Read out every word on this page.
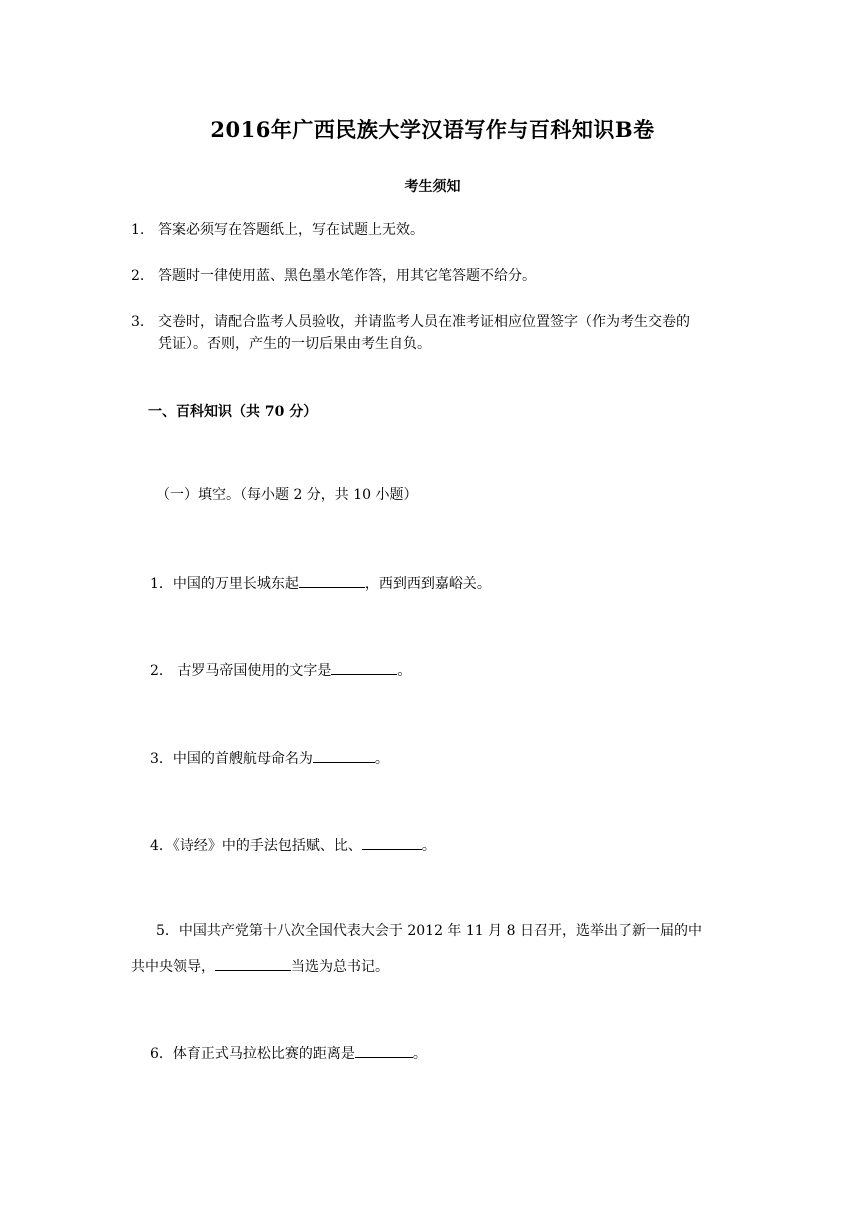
2016年广西民族大学汉语写作与百科知识B卷
考生须知
1. 答案必须写在答题纸上，写在试题上无效。
2. 答题时一律使用蓝、黑色墨水笔作答，用其它笔答题不给分。
3. 交卷时，请配合监考人员验收，并请监考人员在准考证相应位置签字（作为考生交卷的
凭证）。否则，产生的一切后果由考生自负。
一、百科知识（共 70 分）
（一）填空。（每小题 2 分，共 10 小题）
1．中国的万里长城东起	，西到西到嘉峪关。
2． 古罗马帝国使用的文字是	。
3．中国的首艘航母命名为	。
4．《诗经》中的手法包括赋、比、	。
5．中国共产党第十八次全国代表大会于 2012 年 11 月 8 日召开，选举出了新一届的中
共中央领导，	当选为总书记。
6．体育正式马拉松比赛的距离是	。
